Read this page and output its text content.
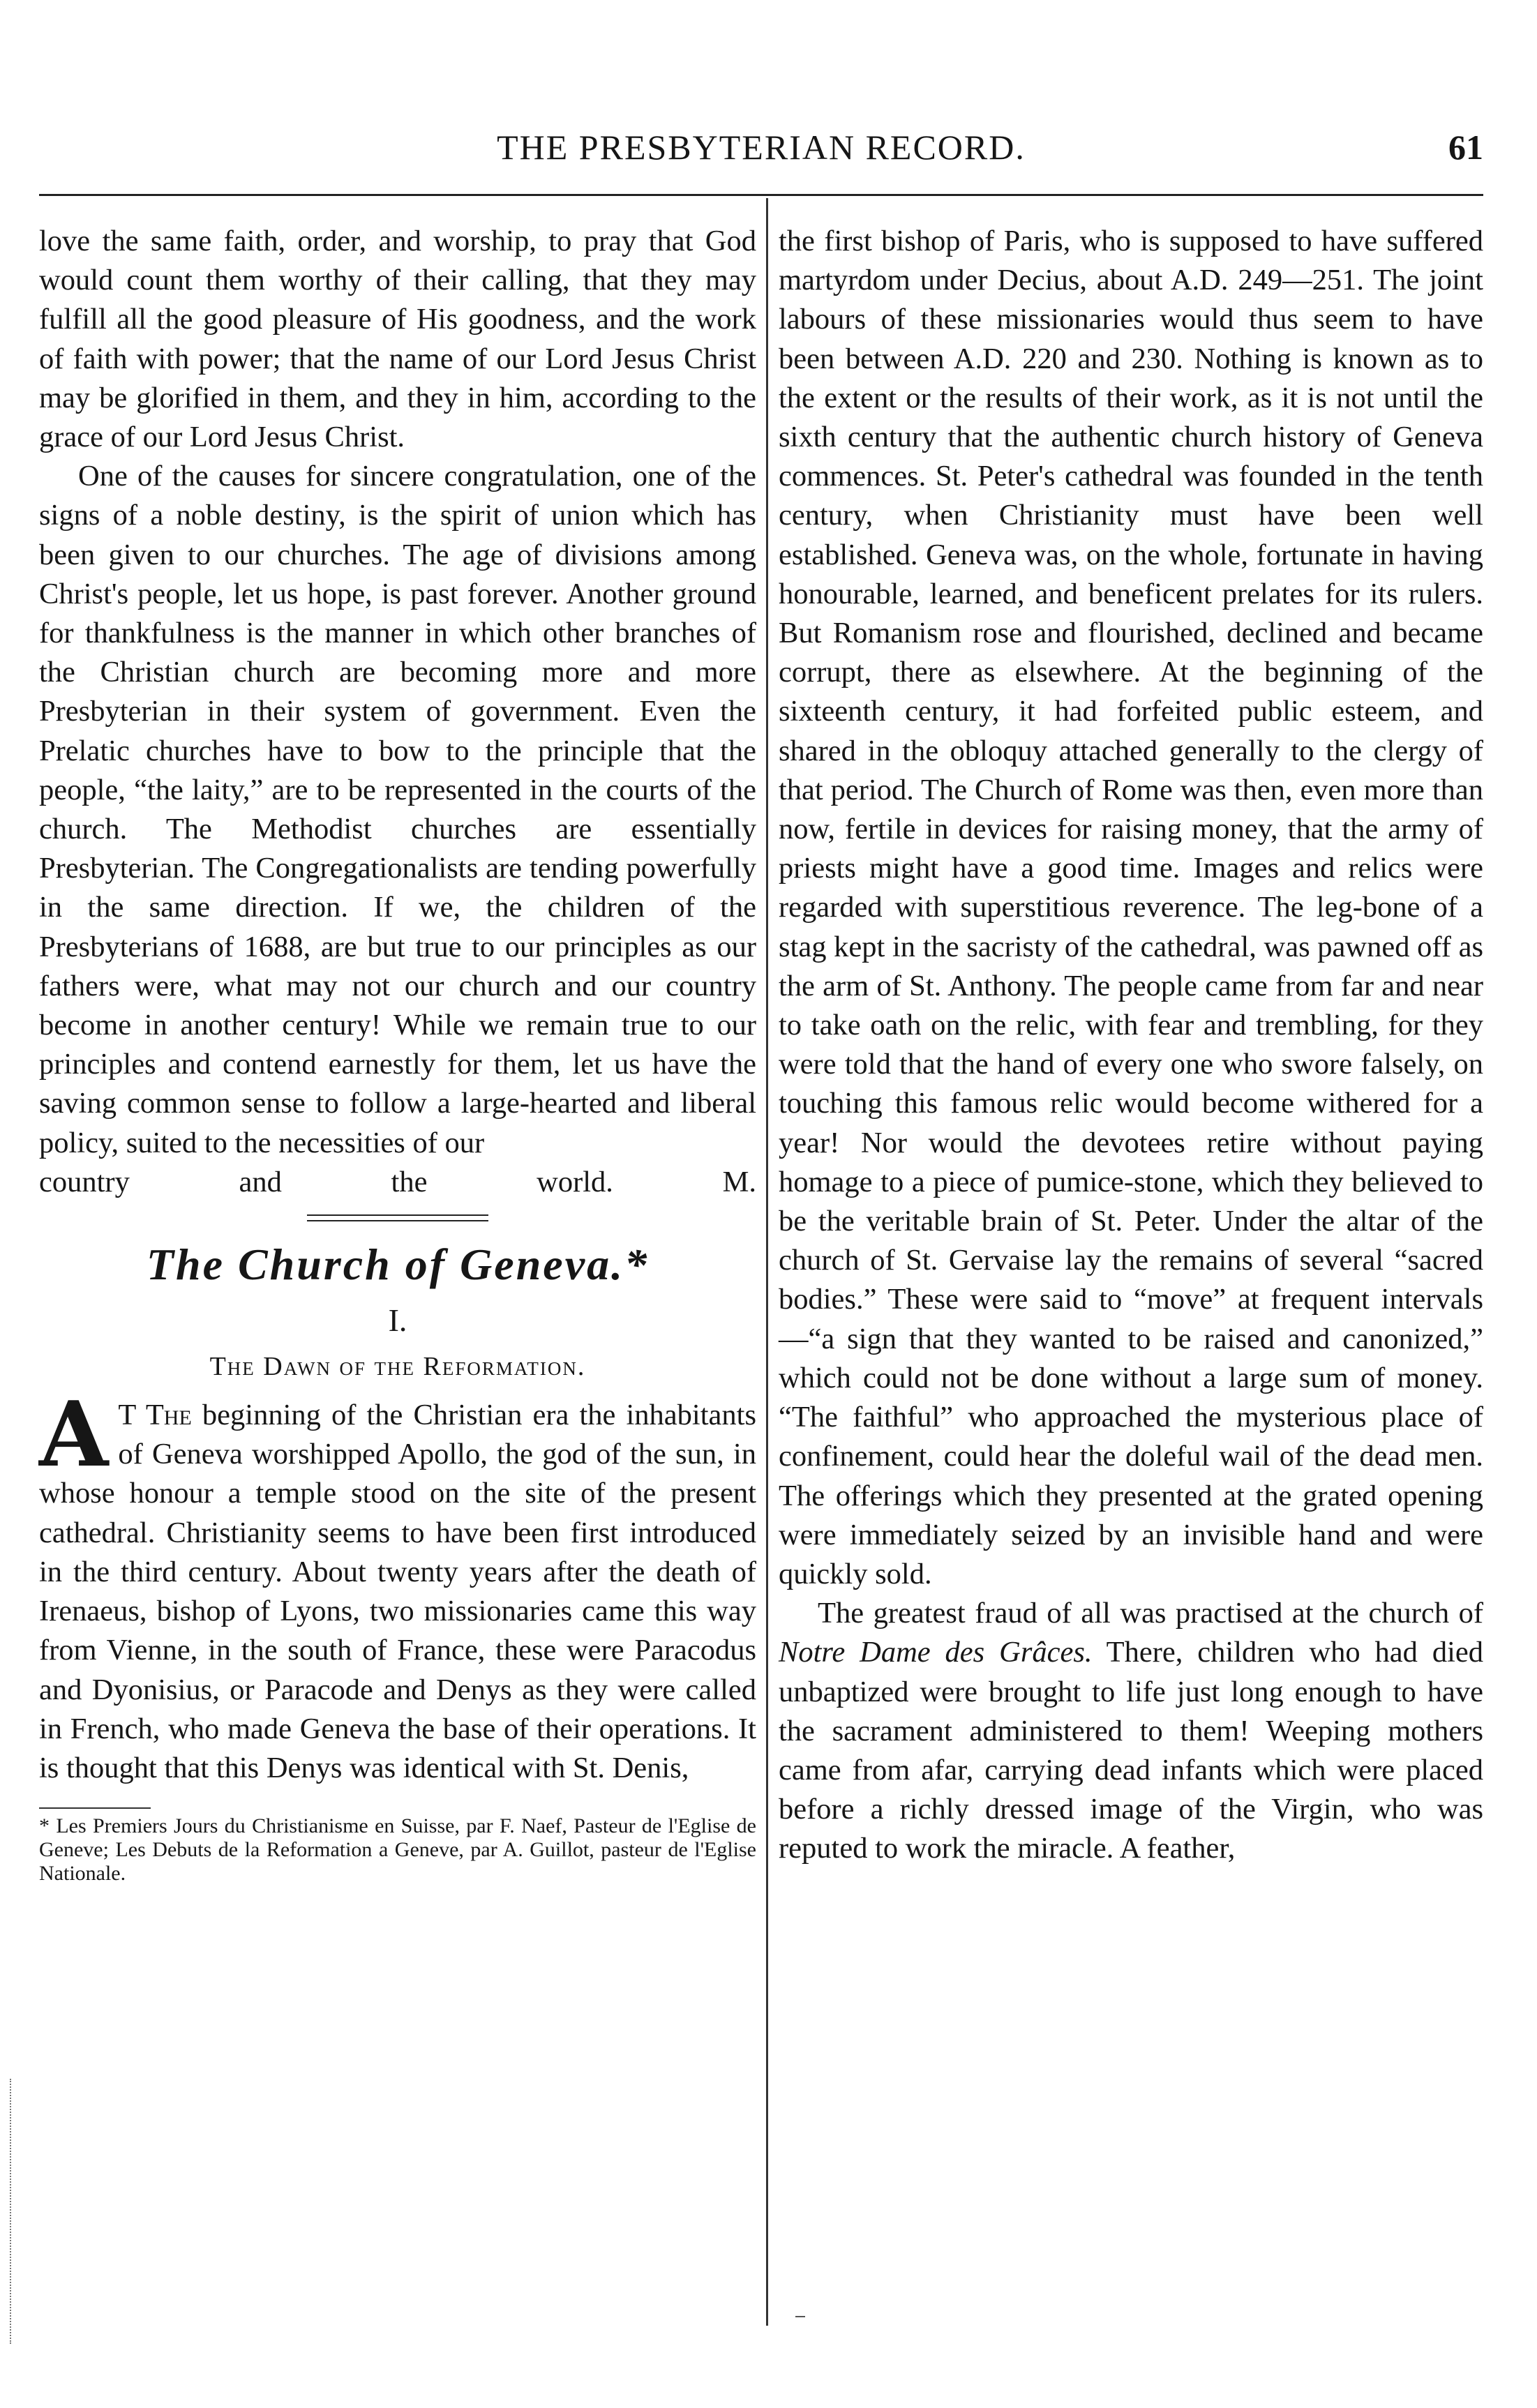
THE PRESBYTERIAN RECORD.	61

love the same faith, order, and worship, to pray that God would count them worthy of their calling, that they may fulfill all the good pleasure of His goodness, and the work of faith with power; that the name of our Lord Jesus Christ may be glorified in them, and they in him, according to the grace of our Lord Jesus Christ.

One of the causes for sincere congratulation, one of the signs of a noble destiny, is the spirit of union which has been given to our churches. The age of divisions among Christ's people, let us hope, is past forever. Another ground for thankfulness is the manner in which other branches of the Christian church are becoming more and more Presbyterian in their system of government. Even the Prelatic churches have to bow to the principle that the people, “the laity,” are to be represented in the courts of the church. The Methodist churches are essentially Presbyterian. The Congregationalists are tending powerfully in the same direction. If we, the children of the Presbyterians of 1688, are but true to our principles as our fathers were, what may not our church and our country become in another century! While we remain true to our principles and contend earnestly for them, let us have the saving common sense to follow a large-hearted and liberal policy, suited to the necessities of our

country and the world.	M.

The Church of Geneva.*
I.
The Dawn of the Reformation.

A T The beginning of the Christian era the inhabitants of Geneva worshipped Apollo, the god of the sun, in whose honour a temple stood on the site of the present cathedral. Christianity seems to have been first introduced in the third century. About twenty years after the death of Irenaeus, bishop of Lyons, two missionaries came this way from Vienne, in the south of France, these were Paracodus and Dyonisius, or Paracode and Denys as they were called in French, who made Geneva the base of their operations. It is thought that this Denys was identical with St. Denis,

* Les Premiers Jours du Christianisme en Suisse, par F. Naef, Pasteur de l'Eglise de Geneve; Les Debuts de la Reformation a Geneve, par A. Guillot, pasteur de l'Eglise Nationale.

the first bishop of Paris, who is supposed to have suffered martyrdom under Decius, about A.D. 249—251. The joint labours of these missionaries would thus seem to have been between A.D. 220 and 230. Nothing is known as to the extent or the results of their work, as it is not until the sixth century that the authentic church history of Geneva commences. St. Peter's cathedral was founded in the tenth century, when Christianity must have been well established. Geneva was, on the whole, fortunate in having honourable, learned, and beneficent prelates for its rulers. But Romanism rose and flourished, declined and became corrupt, there as elsewhere. At the beginning of the sixteenth century, it had forfeited public esteem, and shared in the obloquy attached generally to the clergy of that period. The Church of Rome was then, even more than now, fertile in devices for raising money, that the army of priests might have a good time. Images and relics were regarded with superstitious reverence. The leg-bone of a stag kept in the sacristy of the cathedral, was pawned off as the arm of St. Anthony. The people came from far and near to take oath on the relic, with fear and trembling, for they were told that the hand of every one who swore falsely, on touching this famous relic would become withered for a year! Nor would the devotees retire without paying homage to a piece of pumice-stone, which they believed to be the veritable brain of St. Peter. Under the altar of the church of St. Gervaise lay the remains of several “sacred bodies.” These were said to “move” at frequent intervals—“a sign that they wanted to be raised and canonized,” which could not be done without a large sum of money. “The faithful” who approached the mysterious place of confinement, could hear the doleful wail of the dead men. The offerings which they presented at the grated opening were immediately seized by an invisible hand and were quickly sold.

The greatest fraud of all was practised at the church of Notre Dame des Grâces. There, children who had died unbaptized were brought to life just long enough to have the sacrament administered to them! Weeping mothers came from afar, carrying dead infants which were placed before a richly dressed image of the Virgin, who was reputed to work the miracle. A feather,
